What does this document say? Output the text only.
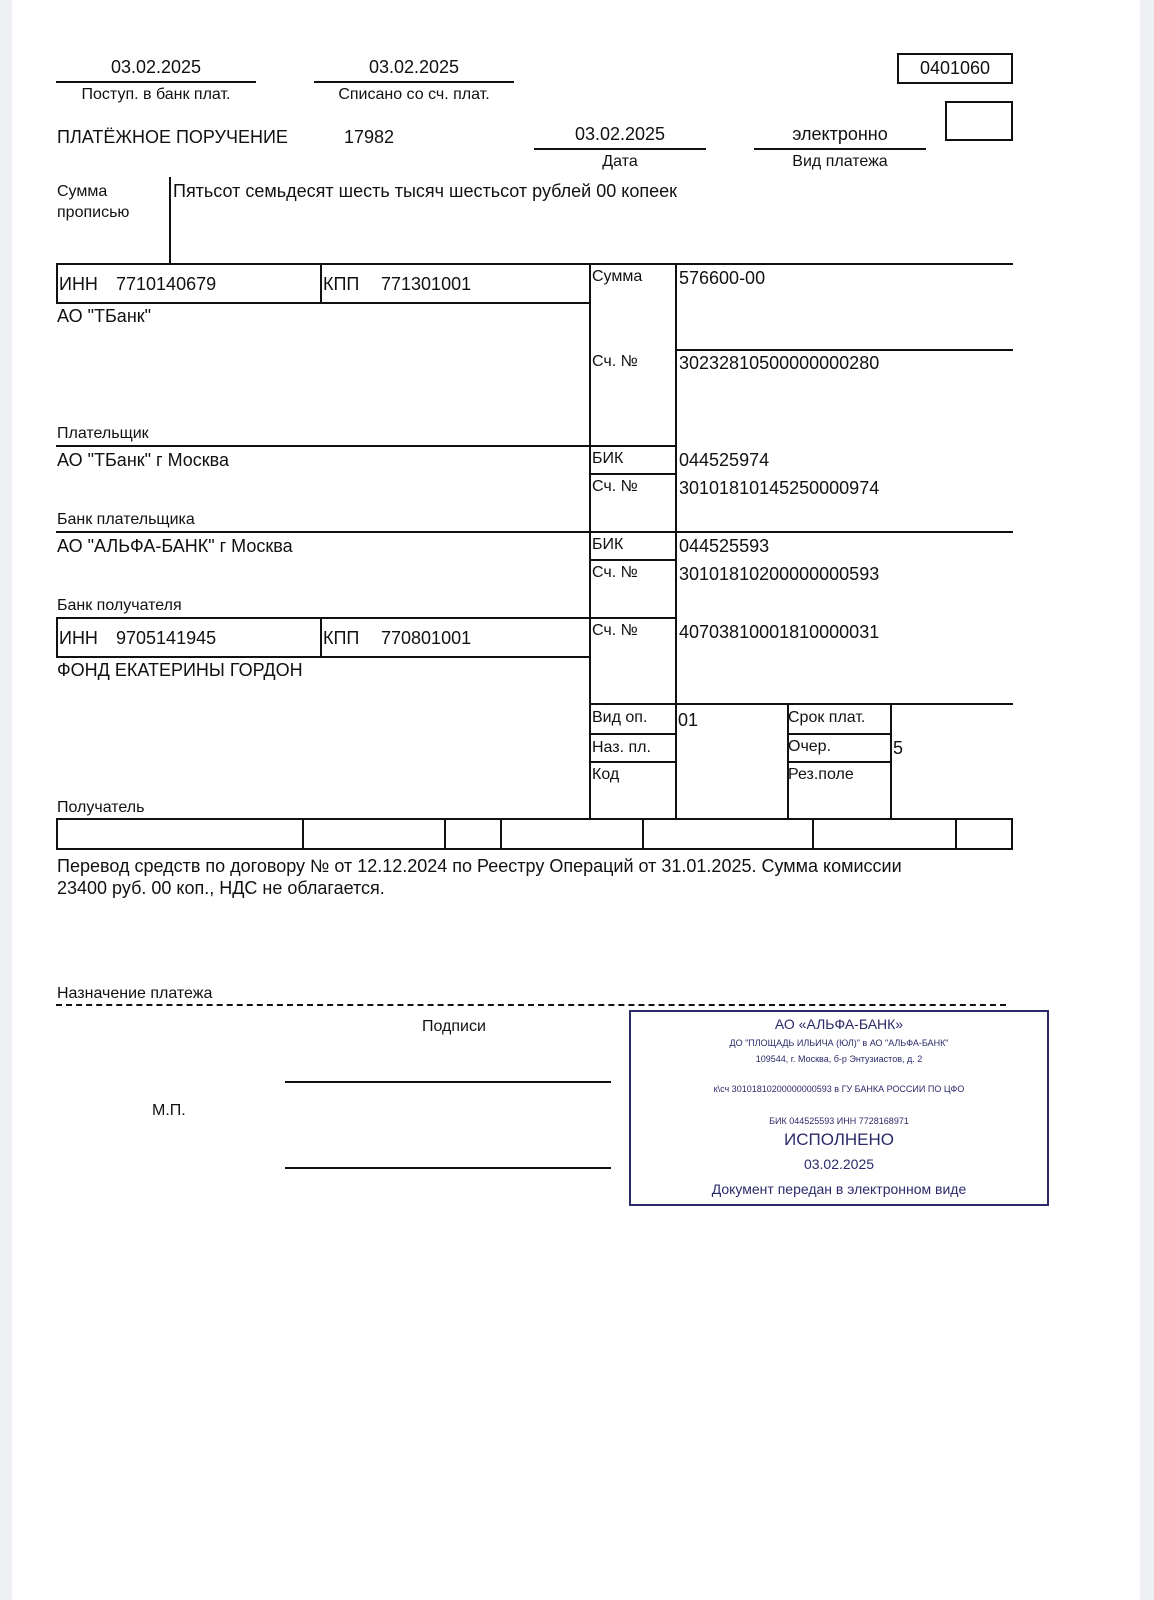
03.02.2025
Поступ. в банк плат.
03.02.2025
Списано со сч. плат.
0401060
ПЛАТЁЖНОЕ ПОРУЧЕНИЕ	17982	03.02.2025
Дата
электронно
Вид платежа
Сумма прописью
Пятьсот семьдесят шесть тысяч шестьсот рублей 00 копеек
ИНН 7710140679	КПП 771301001
АО "ТБанк"
Сумма 576600-00
Сч. № 30232810500000000280
Плательщик
АО "ТБанк" г Москва	БИК	044525974
Сч. № 30101810145250000974
Банк плательщика
АО "АЛЬФА-БАНК" г Москва	БИК	044525593
Сч. № 30101810200000000593
Банк получателя
ИНН 9705141945	КПП 770801001
ФОНД ЕКАТЕРИНЫ ГОРДОН
Сч. № 40703810001810000031
Вид оп. 01
Наз. пл.
Код
Срок плат.
Очер.	5
Рез.поле
Получатель
Перевод средств по договору № от 12.12.2024 по Реестру Операций от 31.01.2025. Сумма комиссии
23400 руб. 00 коп., НДС не облагается.
Назначение платежа
Подписи
М.П.
АО «АЛЬФА-БАНК»
ДО "ПЛОЩАДЬ ИЛЬИЧА (ЮЛ)" в АО "АЛЬФА-БАНК"
109544, г. Москва, б-р Энтузиастов, д. 2
к\сч 30101810200000000593 в ГУ БАНКА РОССИИ ПО ЦФО
БИК 044525593 ИНН 7728168971
ИСПОЛНЕНО
03.02.2025
Документ передан в электронном виде
